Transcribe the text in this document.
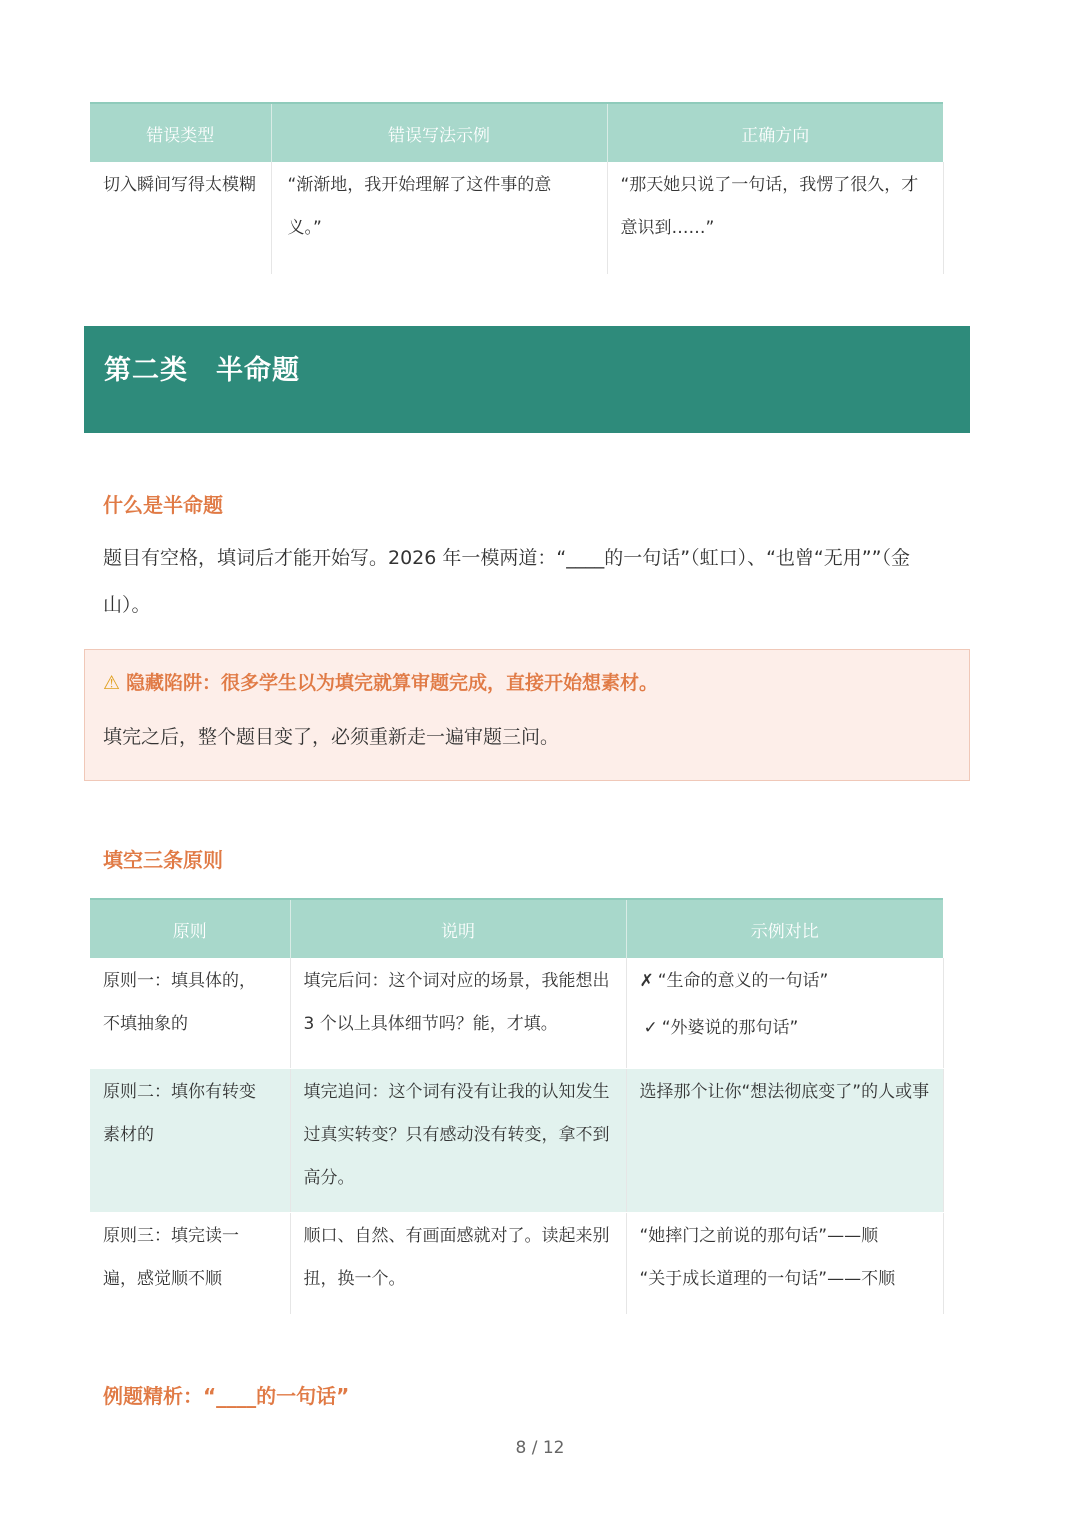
错误类型	错误写法示例	正确方向
切入瞬间写得太模糊	“渐渐地，我开始理解了这件事的意义。”	“那天她只说了一句话，我愣了很久，才意识到……”
第二类　半命题
什么是半命题
题目有空格，填词后才能开始写。2026 年一模两道：“____的一句话”（虹口）、“也曾“无用””（金山）。
⚠ 隐藏陷阱：很多学生以为填完就算审题完成，直接开始想素材。
填完之后，整个题目变了，必须重新走一遍审题三问。
填空三条原则
原则	说明	示例对比
原则一：填具体的，不填抽象的	填完后问：这个词对应的场景，我能想出 3 个以上具体细节吗？能，才填。	✗ “生命的意义的一句话”
✓ “外婆说的那句话”

原则二：填你有转变素材的	填完追问：这个词有没有让我的认知发生过真实转变？只有感动没有转变，拿不到高分。	选择那个让你“想法彻底变了”的人或事
原则三：填完读一遍，感觉顺不顺	顺口、自然、有画面感就对了。读起来别扭，换一个。	“她摔门之前说的那句话”——顺
“关于成长道理的一句话”——不顺
例题精析：“____的一句话”
8 / 12
